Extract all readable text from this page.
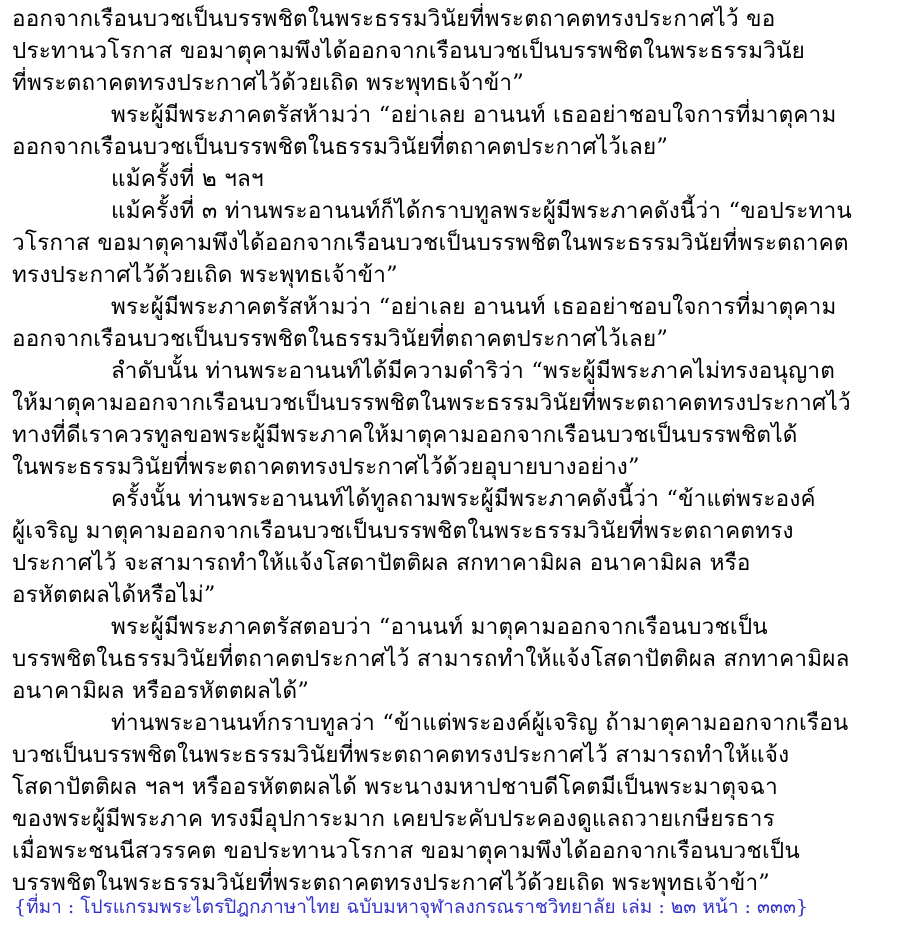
ออกจากเรือนบวชเป็นบรรพชิตในพระธรรมวินัยที่พระตถาคตทรงประกาศไว้ ขอ
ประทานวโรกาส ขอมาตุคามพึงได้ออกจากเรือนบวชเป็นบรรพชิตในพระธรรมวินัย
ที่พระตถาคตทรงประกาศไว้ด้วยเถิด พระพุทธเจ้าข้า”
พระผู้มีพระภาคตรัสห้ามว่า “อย่าเลย อานนท์ เธออย่าชอบใจการที่มาตุคาม
ออกจากเรือนบวชเป็นบรรพชิตในธรรมวินัยที่ตถาคตประกาศไว้เลย”
แม้ครั้งที่ ๒ ฯลฯ
แม้ครั้งที่ ๓ ท่านพระอานนท์ก็ได้กราบทูลพระผู้มีพระภาคดังนี้ว่า “ขอประทาน
วโรกาส ขอมาตุคามพึงได้ออกจากเรือนบวชเป็นบรรพชิตในพระธรรมวินัยที่พระตถาคต
ทรงประกาศไว้ด้วยเถิด พระพุทธเจ้าข้า”
พระผู้มีพระภาคตรัสห้ามว่า “อย่าเลย อานนท์ เธออย่าชอบใจการที่มาตุคาม
ออกจากเรือนบวชเป็นบรรพชิตในธรรมวินัยที่ตถาคตประกาศไว้เลย”
ลำดับนั้น ท่านพระอานนท์ได้มีความดำริว่า “พระผู้มีพระภาคไม่ทรงอนุญาต
ให้มาตุคามออกจากเรือนบวชเป็นบรรพชิตในพระธรรมวินัยที่พระตถาคตทรงประกาศไว้
ทางที่ดีเราควรทูลขอพระผู้มีพระภาคให้มาตุคามออกจากเรือนบวชเป็นบรรพชิตได้
ในพระธรรมวินัยที่พระตถาคตทรงประกาศไว้ด้วยอุบายบางอย่าง”
ครั้งนั้น ท่านพระอานนท์ได้ทูลถามพระผู้มีพระภาคดังนี้ว่า “ข้าแต่พระองค์
ผู้เจริญ มาตุคามออกจากเรือนบวชเป็นบรรพชิตในพระธรรมวินัยที่พระตถาคตทรง
ประกาศไว้ จะสามารถทำให้แจ้งโสดาปัตติผล สกทาคามิผล อนาคามิผล หรือ
อรหัตตผลได้หรือไม่”
พระผู้มีพระภาคตรัสตอบว่า “อานนท์ มาตุคามออกจากเรือนบวชเป็น
บรรพชิตในธรรมวินัยที่ตถาคตประกาศไว้ สามารถทำให้แจ้งโสดาปัตติผล สกทาคามิผล
อนาคามิผล หรืออรหัตตผลได้”
ท่านพระอานนท์กราบทูลว่า “ข้าแต่พระองค์ผู้เจริญ ถ้ามาตุคามออกจากเรือน
บวชเป็นบรรพชิตในพระธรรมวินัยที่พระตถาคตทรงประกาศไว้ สามารถทำให้แจ้ง
โสดาปัตติผล ฯลฯ หรืออรหัตตผลได้ พระนางมหาปชาบดีโคตมีเป็นพระมาตุจฉา
ของพระผู้มีพระภาค ทรงมีอุปการะมาก เคยประคับประคองดูแลถวายเกษียรธาร
เมื่อพระชนนีสวรรคต ขอประทานวโรกาส ขอมาตุคามพึงได้ออกจากเรือนบวชเป็น
บรรพชิตในพระธรรมวินัยที่พระตถาคตทรงประกาศไว้ด้วยเถิด พระพุทธเจ้าข้า”
{ที่มา : โปรแกรมพระไตรปิฎกภาษาไทย ฉบับมหาจุฬาลงกรณราชวิทยาลัย เล่ม : ๒๓ หน้า : ๓๓๓}
